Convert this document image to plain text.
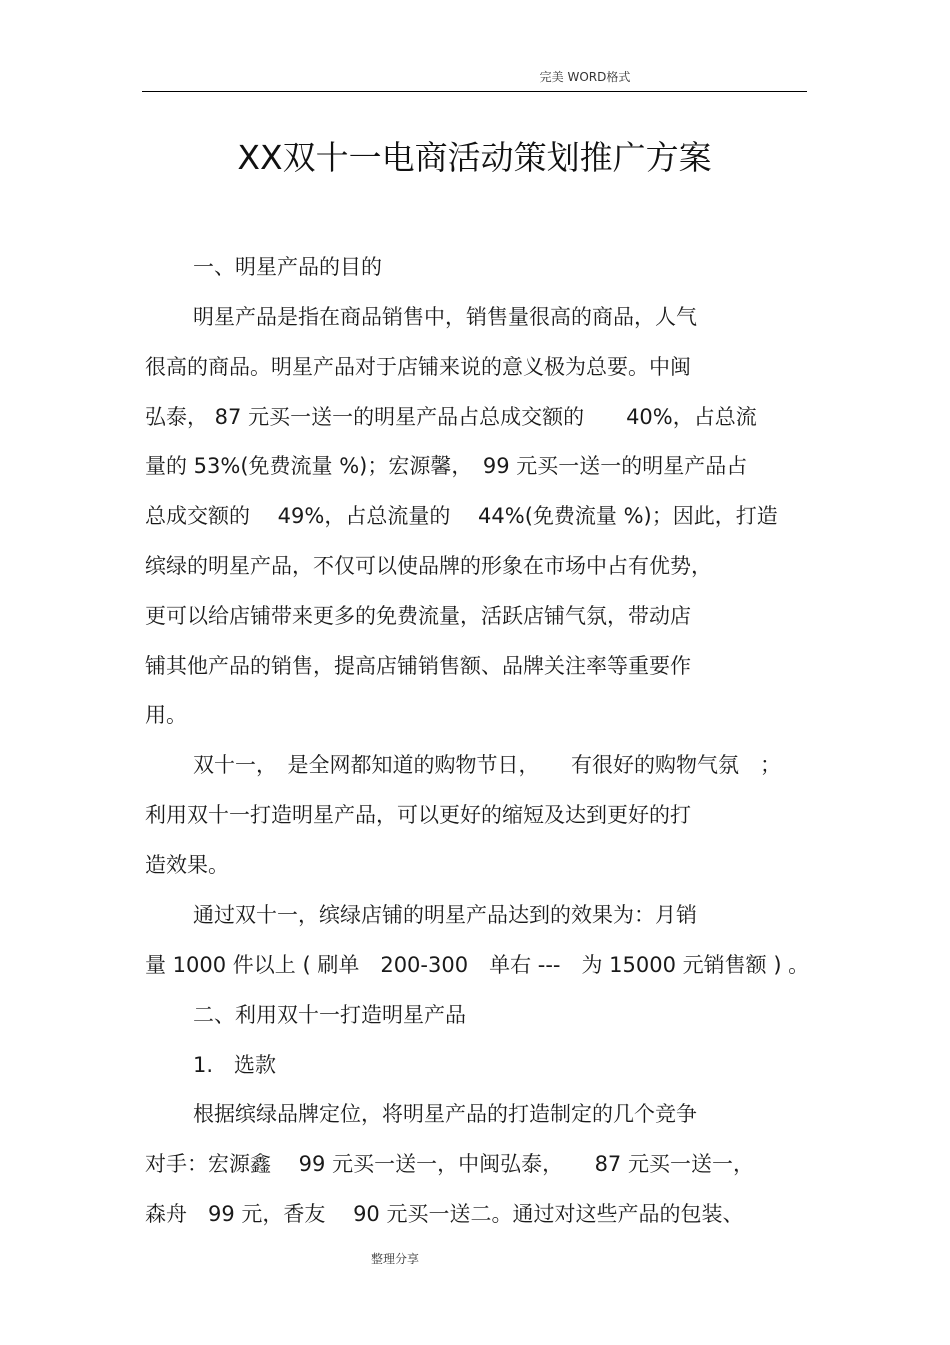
完美 WORD格式
XX双十一电商活动策划推广方案
一、明星产品的目的
明星产品是指在商品销售中，销售量很高的商品，人气
很高的商品。明星产品对于店铺来说的意义极为总要。中闽
弘泰， 87 元买一送一的明星产品占总成交额的　　40%，占总流
量的 53%(免费流量 %)；宏源馨，　99 元买一送一的明星产品占
总成交额的　 49%，占总流量的　 44%(免费流量 %)；因此，打造
缤绿的明星产品，不仅可以使品牌的形象在市场中占有优势，
更可以给店铺带来更多的免费流量，活跃店铺气氛，带动店
铺其他产品的销售，提高店铺销售额、品牌关注率等重要作
用。
双十一，　是全网都知道的购物节日，　　有很好的购物气氛　；
利用双十一打造明星产品，可以更好的缩短及达到更好的打
造效果。
通过双十一，缤绿店铺的明星产品达到的效果为：月销
量 1000 件以上 ( 刷单　200-300　单右 ---　为 15000 元销售额 ) 。
二、利用双十一打造明星产品
1.　选款
根据缤绿品牌定位，将明星产品的打造制定的几个竞争
对手：宏源鑫　 99 元买一送一，中闽弘泰，　　87 元买一送一，
森舟　99 元，香友　 90 元买一送二。通过对这些产品的包装、
整理分享
